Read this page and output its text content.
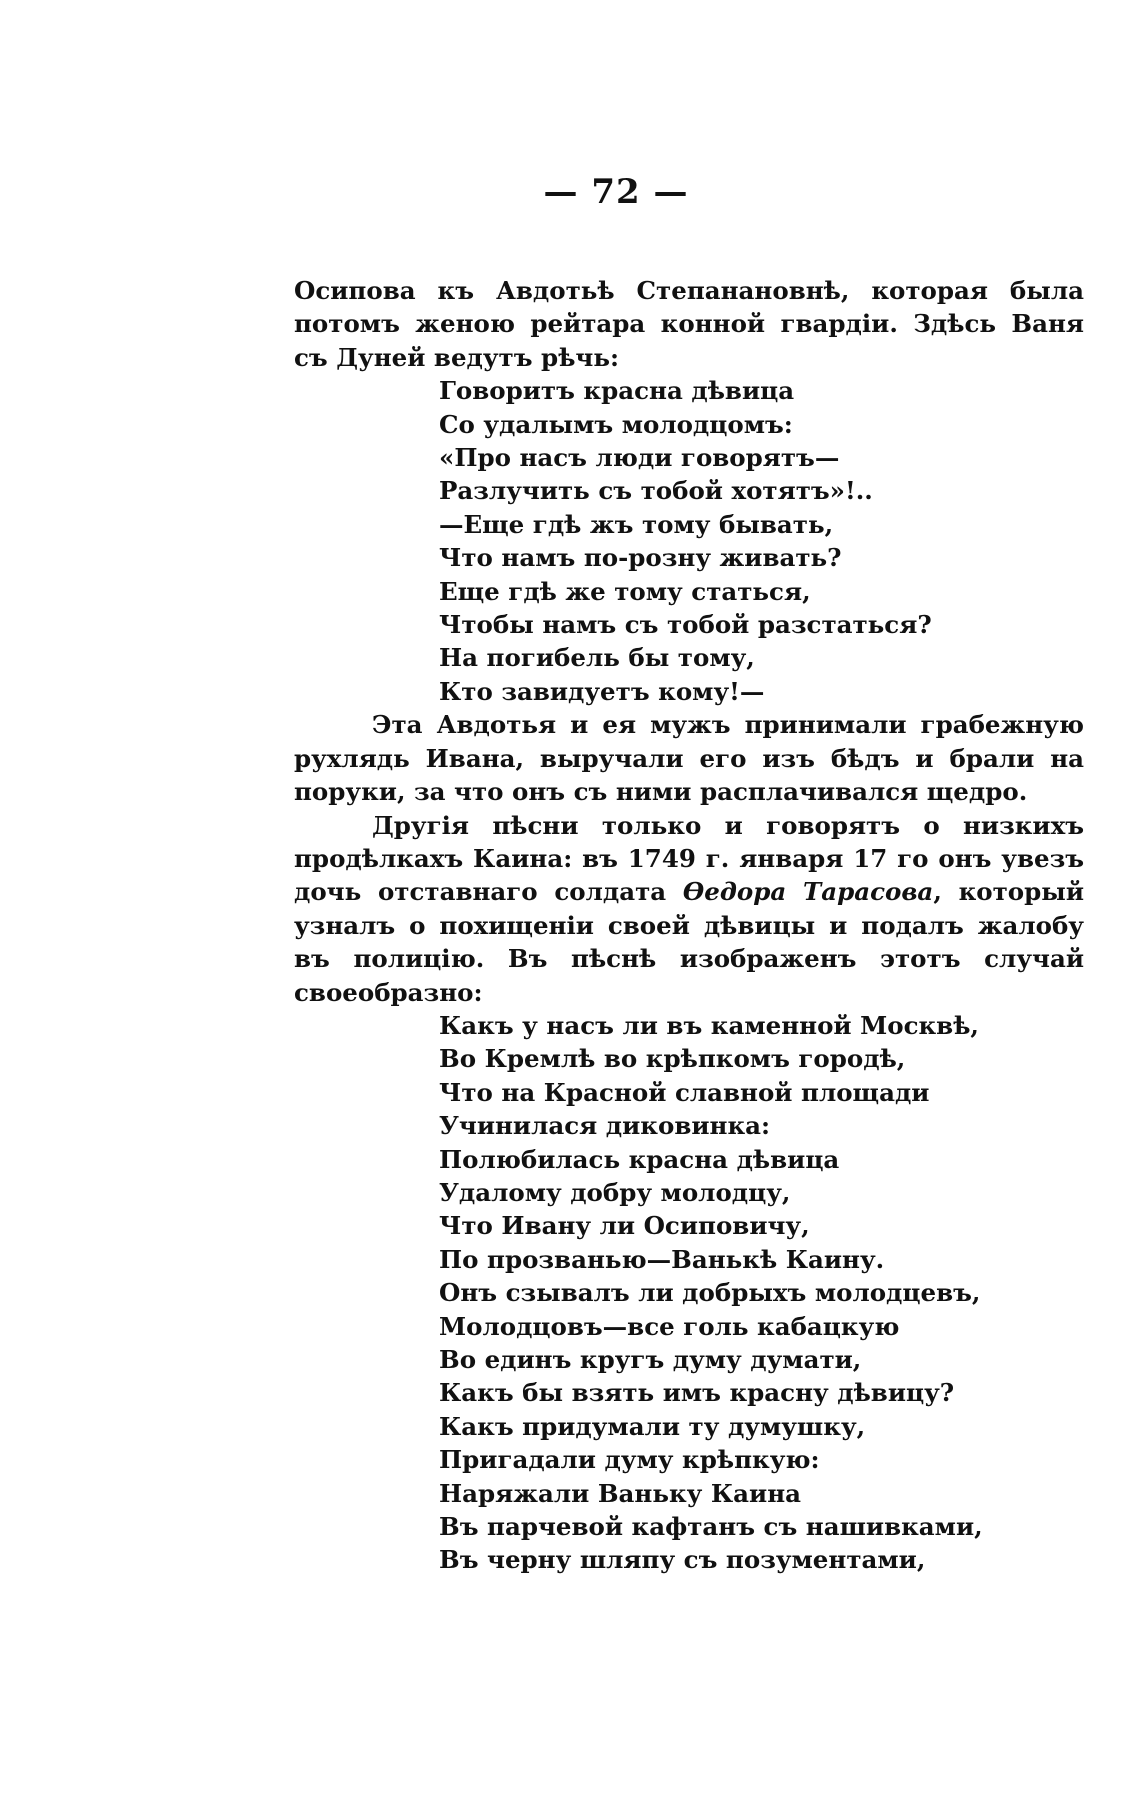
— 72 —

Осипова къ Авдотьѣ Степанановнѣ, которая была потомъ женою рейтара конной гвардіи. Здѣсь Ваня съ Дуней ведутъ рѣчь:

Говоритъ красна дѣвица
Со удалымъ молодцомъ:
«Про насъ люди говорятъ—
Разлучить съ тобой хотятъ»!..
—Еще гдѣ жъ тому бывать,
Что намъ по-розну живать?
Еще гдѣ же тому статься,
Чтобы намъ съ тобой разстаться?
На погибель бы тому,
Кто завидуетъ кому!—

Эта Авдотья и ея мужъ принимали грабежную рухлядь Ивана, выручали его изъ бѣдъ и брали на поруки, за что онъ съ ними расплачивался щедро.

Другія пѣсни только и говорятъ о низкихъ продѣлкахъ Каина: въ 1749 г. января 17 го онъ увезъ дочь отставнаго солдата Ѳедора Тарасова, который узналъ о похищеніи своей дѣвицы и подалъ жалобу въ полицію. Въ пѣснѣ изображенъ этотъ случай своеобразно:

Какъ у насъ ли въ каменной Москвѣ,
Во Кремлѣ во крѣпкомъ городѣ,
Что на Красной славной площади
Учинилася диковинка:
Полюбилась красна дѣвица
Удалому добру молодцу,
Что Ивану ли Осиповичу,
По прозванью—Ванькѣ Каину.
Онъ сзывалъ ли добрыхъ молодцевъ,
Молодцовъ—все голь кабацкую
Во единъ кругъ думу думати,
Какъ бы взять имъ красну дѣвицу?
Какъ придумали ту думушку,
Пригадали думу крѣпкую:
Наряжали Ваньку Каина
Въ парчевой кафтанъ съ нашивками,
Въ черну шляпу съ позументами,
